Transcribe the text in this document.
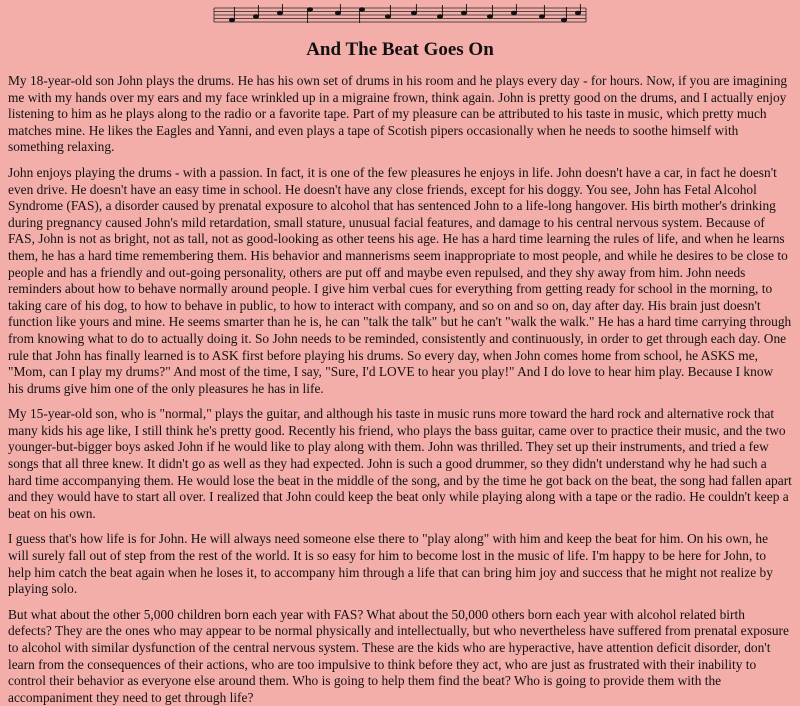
And The Beat Goes On

My 18-year-old son John plays the drums. He has his own set of drums in his room and he plays every day - for hours. Now, if you are imagining me with my hands over my ears and my face wrinkled up in a migraine frown, think again. John is pretty good on the drums, and I actually enjoy listening to him as he plays along to the radio or a favorite tape. Part of my pleasure can be attributed to his taste in music, which pretty much matches mine. He likes the Eagles and Yanni, and even plays a tape of Scotish pipers occasionally when he needs to soothe himself with something relaxing.

John enjoys playing the drums - with a passion. In fact, it is one of the few pleasures he enjoys in life. John doesn't have a car, in fact he doesn't even drive. He doesn't have an easy time in school. He doesn't have any close friends, except for his doggy. You see, John has Fetal Alcohol Syndrome (FAS), a disorder caused by prenatal exposure to alcohol that has sentenced John to a life-long hangover. His birth mother's drinking during pregnancy caused John's mild retardation, small stature, unusual facial features, and damage to his central nervous system. Because of FAS, John is not as bright, not as tall, not as good-looking as other teens his age. He has a hard time learning the rules of life, and when he learns them, he has a hard time remembering them. His behavior and mannerisms seem inappropriate to most people, and while he desires to be close to people and has a friendly and out-going personality, others are put off and maybe even repulsed, and they shy away from him. John needs reminders about how to behave normally around people. I give him verbal cues for everything from getting ready for school in the morning, to taking care of his dog, to how to behave in public, to how to interact with company, and so on and so on, day after day. His brain just doesn't function like yours and mine. He seems smarter than he is, he can "talk the talk" but he can't "walk the walk." He has a hard time carrying through from knowing what to do to actually doing it. So John needs to be reminded, consistently and continuously, in order to get through each day. One rule that John has finally learned is to ASK first before playing his drums. So every day, when John comes home from school, he ASKS me, "Mom, can I play my drums?" And most of the time, I say, "Sure, I'd LOVE to hear you play!" And I do love to hear him play. Because I know his drums give him one of the only pleasures he has in life.

My 15-year-old son, who is "normal," plays the guitar, and although his taste in music runs more toward the hard rock and alternative rock that many kids his age like, I still think he's pretty good. Recently his friend, who plays the bass guitar, came over to practice their music, and the two younger-but-bigger boys asked John if he would like to play along with them. John was thrilled. They set up their instruments, and tried a few songs that all three knew. It didn't go as well as they had expected. John is such a good drummer, so they didn't understand why he had such a hard time accompanying them. He would lose the beat in the middle of the song, and by the time he got back on the beat, the song had fallen apart and they would have to start all over. I realized that John could keep the beat only while playing along with a tape or the radio. He couldn't keep a beat on his own.

I guess that's how life is for John. He will always need someone else there to "play along" with him and keep the beat for him. On his own, he will surely fall out of step from the rest of the world. It is so easy for him to become lost in the music of life. I'm happy to be here for John, to help him catch the beat again when he loses it, to accompany him through a life that can bring him joy and success that he might not realize by playing solo.

But what about the other 5,000 children born each year with FAS? What about the 50,000 others born each year with alcohol related birth defects? They are the ones who may appear to be normal physically and intellectually, but who nevertheless have suffered from prenatal exposure to alcohol with similar dysfunction of the central nervous system. These are the kids who are hyperactive, have attention deficit disorder, don't learn from the consequences of their actions, who are too impulsive to think before they act, who are just as frustrated with their inability to control their behavior as everyone else around them. Who is going to help them find the beat? Who is going to provide them with the accompaniment they need to get through life?
